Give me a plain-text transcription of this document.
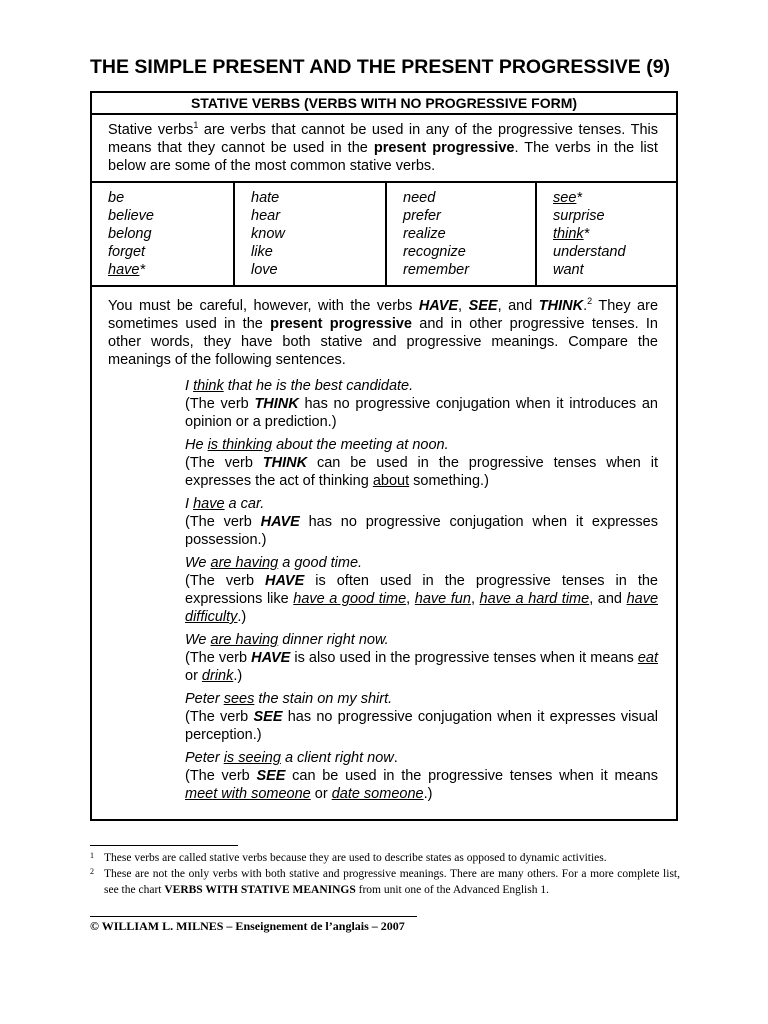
THE SIMPLE PRESENT AND THE PRESENT PROGRESSIVE (9)
STATIVE VERBS (VERBS WITH NO PROGRESSIVE FORM)
Stative verbs$^1$ are verbs that cannot be used in any of the progressive tenses. This means that they cannot be used in the present progressive. The verbs in the list below are some of the most common stative verbs.
be
believe
belong
forget
have*
hate
hear
know
like
love
need
prefer
realize
recognize
remember
see*
surprise
think*
understand
want
You must be careful, however, with the verbs HAVE, SEE, and THINK.$^2$ They are sometimes used in the present progressive and in other progressive tenses. In other words, they have both stative and progressive meanings. Compare the meanings of the following sentences.
I think that he is the best candidate.
(The verb THINK has no progressive conjugation when it introduces an opinion or a prediction.)
He is thinking about the meeting at noon.
(The verb THINK can be used in the progressive tenses when it expresses the act of thinking about something.)
I have a car.
(The verb HAVE has no progressive conjugation when it expresses possession.)
We are having a good time.
(The verb HAVE is often used in the progressive tenses in the expressions like have a good time, have fun, have a hard time, and have difficulty.)
We are having dinner right now.
(The verb HAVE is also used in the progressive tenses when it means eat or drink.)
Peter sees the stain on my shirt.
(The verb SEE has no progressive conjugation when it expresses visual perception.)
Peter is seeing a client right now.
(The verb SEE can be used in the progressive tenses when it means meet with someone or date someone.)
1 These verbs are called stative verbs because they are used to describe states as opposed to dynamic activities.
2 These are not the only verbs with both stative and progressive meanings. There are many others. For a more complete list, see the chart VERBS WITH STATIVE MEANINGS from unit one of the Advanced English 1.
© WILLIAM L. MILNES – Enseignement de l’anglais – 2007
